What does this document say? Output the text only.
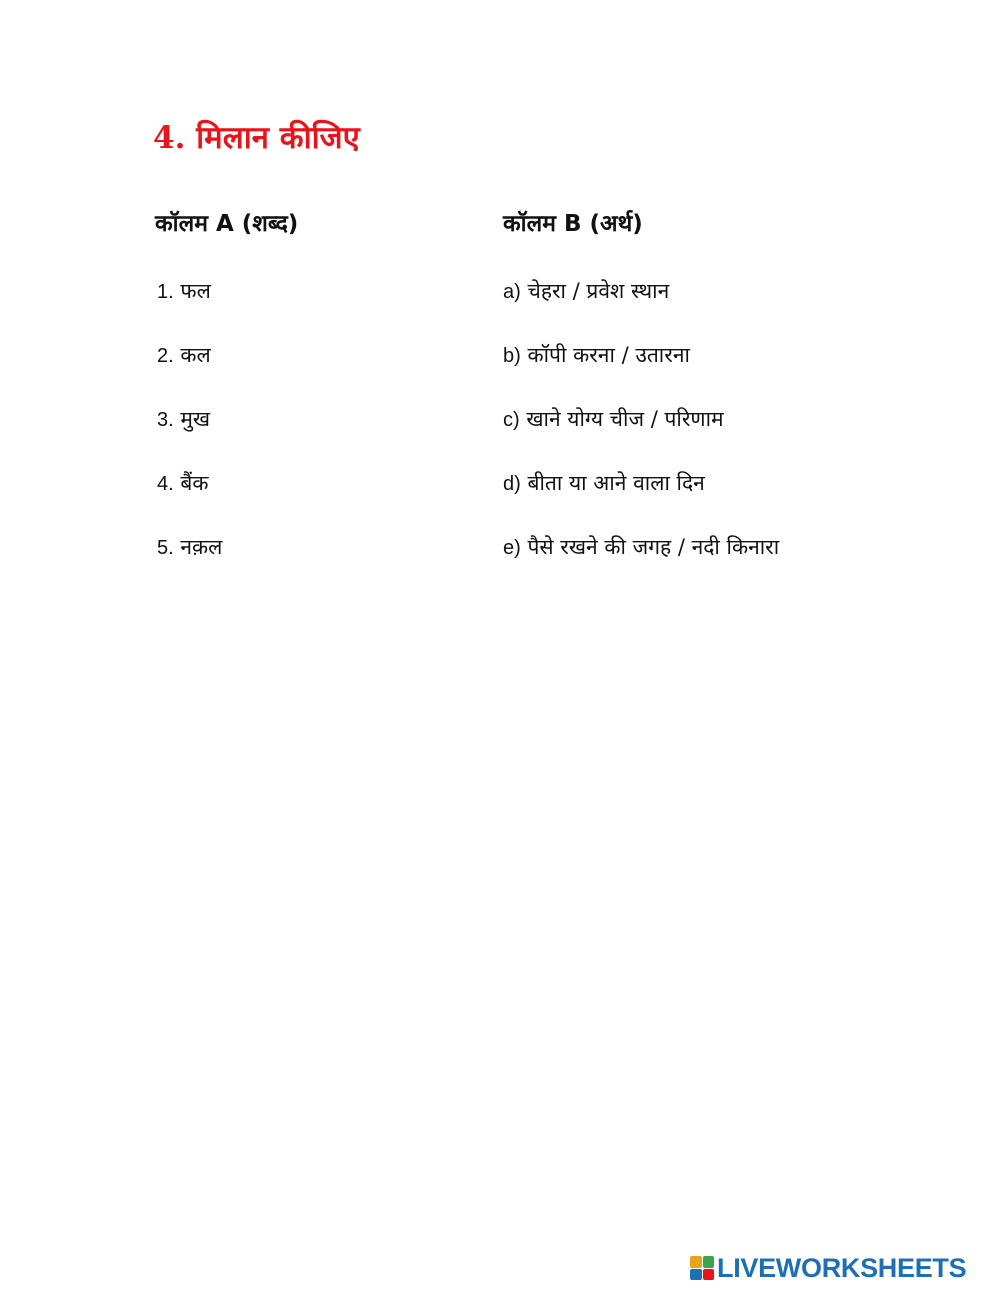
4. मिलान कीजिए
कॉलम A (शब्द)	कॉलम B (अर्थ)
1. फल
2. कल
3. मुख
4. बैंक
5. नक़ल
a) चेहरा / प्रवेश स्थान
b) कॉपी करना / उतारना
c) खाने योग्य चीज / परिणाम
d) बीता या आने वाला दिन
e) पैसे रखने की जगह / नदी किनारा
LIVEWORKSHEETS
